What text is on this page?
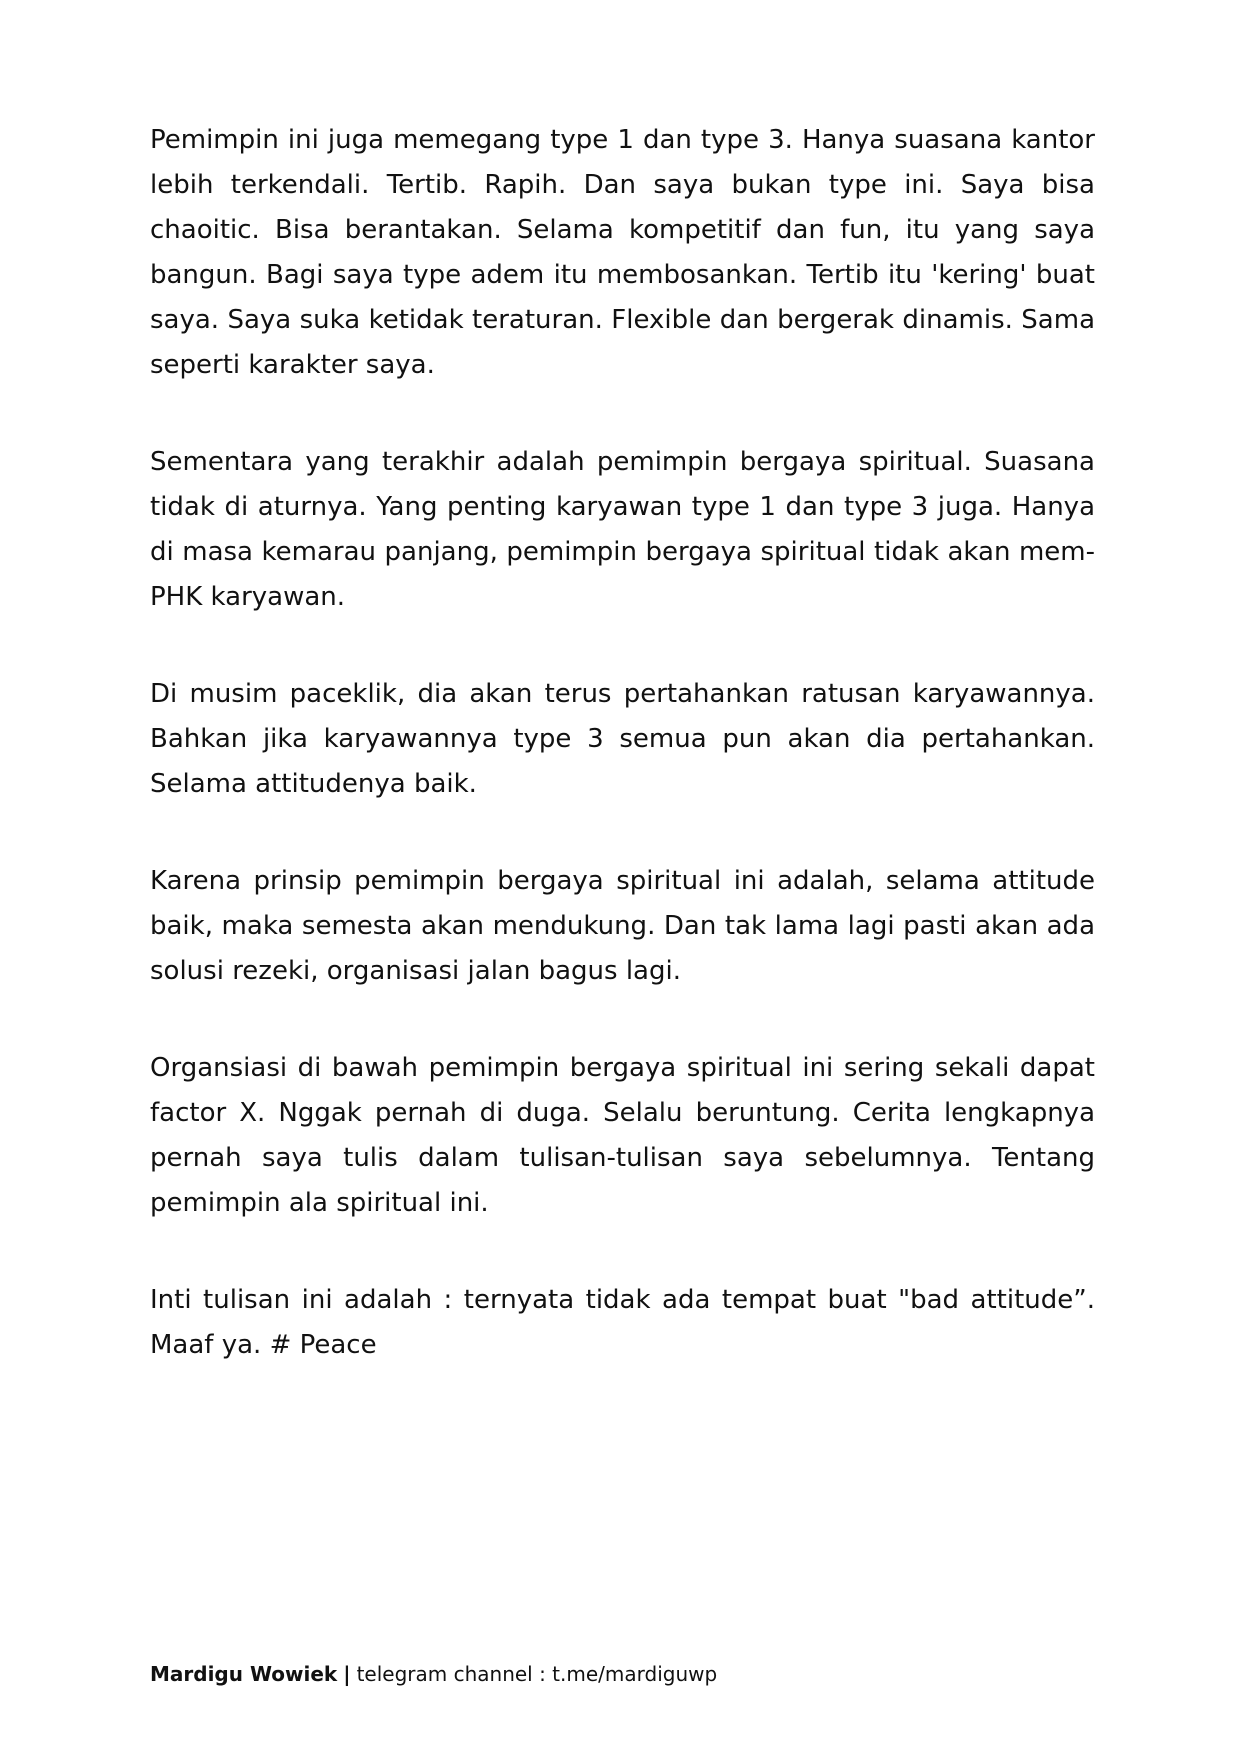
Pemimpin ini juga memegang type 1 dan type 3. Hanya suasana kantor lebih terkendali. Tertib. Rapih. Dan saya bukan type ini. Saya bisa chaoitic. Bisa berantakan. Selama kompetitif dan fun, itu yang saya bangun. Bagi saya type adem itu membosankan. Tertib itu 'kering' buat saya. Saya suka ketidak teraturan. Flexible dan bergerak dinamis. Sama seperti karakter saya.

Sementara yang terakhir adalah pemimpin bergaya spiritual. Suasana tidak di aturnya. Yang penting karyawan type 1 dan type 3 juga. Hanya di masa kemarau panjang, pemimpin bergaya spiritual tidak akan mem-PHK karyawan.

Di musim paceklik, dia akan terus pertahankan ratusan karyawannya. Bahkan jika karyawannya type 3 semua pun akan dia pertahankan. Selama attitudenya baik.

Karena prinsip pemimpin bergaya spiritual ini adalah, selama attitude baik, maka semesta akan mendukung. Dan tak lama lagi pasti akan ada solusi rezeki, organisasi jalan bagus lagi.

Organsiasi di bawah pemimpin bergaya spiritual ini sering sekali dapat factor X. Nggak pernah di duga. Selalu beruntung. Cerita lengkapnya pernah saya tulis dalam tulisan-tulisan saya sebelumnya. Tentang pemimpin ala spiritual ini.

Inti tulisan ini adalah : ternyata tidak ada tempat buat "bad attitude”. Maaf ya. # Peace

Mardigu Wowiek | telegram channel : t.me/mardiguwp
